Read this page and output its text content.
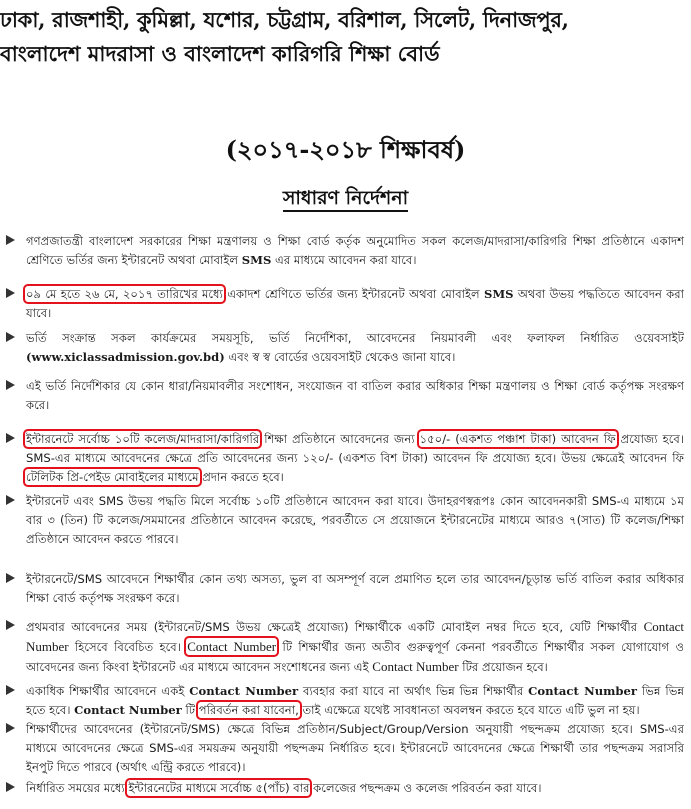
ঢাকা, রাজশাহী, কুমিল্লা, যশোর, চট্টগ্রাম, বরিশাল, সিলেট, দিনাজপুর,
বাংলাদেশ মাদরাসা ও বাংলাদেশ কারিগরি শিক্ষা বোর্ড
(২০১৭-২০১৮ শিক্ষাবর্ষ)
সাধারণ নির্দেশনা
গণপ্রজাতন্ত্রী বাংলাদেশ সরকারের শিক্ষা মন্ত্রণালয় ও শিক্ষা বোর্ড কর্তৃক অনুমোদিত সকল কলেজ/মাদরাসা/কারিগরি শিক্ষা প্রতিষ্ঠানে একাদশ শ্রেণিতে ভর্তির জন্য ইন্টারনেট অথবা মোবাইল SMS এর মাধ্যমে আবেদন করা যাবে।
০৯ মে হতে ২৬ মে, ২০১৭ তারিখের মধ্যে একাদশ শ্রেণিতে ভর্তির জন্য ইন্টারনেট অথবা মোবাইল SMS অথবা উভয় পদ্ধতিতে আবেদন করা যাবে।
ভর্তি সংক্রান্ত সকল কার্যক্রমের সময়সূচি, ভর্তি নির্দেশিকা, আবেদনের নিয়মাবলী এবং ফলাফল নির্ধারিত ওয়েবসাইট (www.xiclassadmission.gov.bd) এবং স্ব স্ব বোর্ডের ওয়েবসাইট থেকেও জানা যাবে।
এই ভর্তি নির্দেশিকার যে কোন ধারা/নিয়মাবলীর সংশোধন, সংযোজন বা বাতিল করার অধিকার শিক্ষা মন্ত্রণালয় ও শিক্ষা বোর্ড কর্তৃপক্ষ সংরক্ষণ করে।
ইন্টারনেটে সর্বোচ্চ ১০টি কলেজ/মাদরাসা/কারিগরি শিক্ষা প্রতিষ্ঠানে আবেদনের জন্য ১৫০/- (একশত পঞ্চাশ টাকা) আবেদন ফি প্রযোজ্য হবে। SMS-এর মাধ্যমে আবেদনের ক্ষেত্রে প্রতি আবেদনের জন্য ১২০/- (একশত বিশ টাকা) আবেদন ফি প্রযোজ্য হবে। উভয় ক্ষেত্রেই আবেদন ফি টেলিটক প্রি-পেইড মোবাইলের মাধ্যমে প্রদান করতে হবে।
ইন্টারনেট এবং SMS উভয় পদ্ধতি মিলে সর্বোচ্চ ১০টি প্রতিষ্ঠানে আবেদন করা যাবে। উদাহরণস্বরূপঃ কোন আবেদনকারী SMS-এ মাধ্যমে ১ম বার ৩ (তিন) টি কলেজ/সমমানের প্রতিষ্ঠানে আবেদন করেছে, পরবর্তীতে সে প্রয়োজনে ইন্টারনেটের মাধ্যমে আরও ৭(সাত) টি কলেজ/শিক্ষা প্রতিষ্ঠানে আবেদন করতে পারবে।
ইন্টারনেটে/SMS আবেদনে শিক্ষার্থীর কোন তথ্য অসত্য, ভুল বা অসম্পূর্ণ বলে প্রমাণিত হলে তার আবেদন/চূড়ান্ত ভর্তি বাতিল করার অধিকার শিক্ষা বোর্ড কর্তৃপক্ষ সংরক্ষণ করে।
প্রথমবার আবেদনের সময় (ইন্টারনেট/SMS উভয় ক্ষেত্রেই প্রযোজ্য) শিক্ষার্থীকে একটি মোবাইল নম্বর দিতে হবে, যেটি শিক্ষার্থীর Contact Number হিসেবে বিবেচিত হবে। Contact Number টি শিক্ষার্থীর জন্য অতীব গুরুত্বপূর্ণ কেননা পরবর্তীতে শিক্ষার্থীর সকল যোগাযোগ ও আবেদনের জন্য কিংবা ইন্টারনেট এর মাধ্যমে আবেদন সংশোধনের জন্য এই Contact Number টির প্রয়োজন হবে।
একাধিক শিক্ষার্থীর আবেদনে একই Contact Number ব্যবহার করা যাবে না অর্থাৎ ভিন্ন ভিন্ন শিক্ষার্থীর Contact Number ভিন্ন ভিন্ন হতে হবে। Contact Number টি পরিবর্তন করা যাবেনা, তাই এক্ষেত্রে যথেষ্ট সাবধানতা অবলম্বন করতে হবে যাতে এটি ভুল না হয়।
শিক্ষার্থীদের আবেদনের (ইন্টারনেট/SMS) ক্ষেত্রে বিভিন্ন প্রতিষ্ঠান/Subject/Group/Version অনুযায়ী পছন্দক্রম প্রযোজ্য হবে। SMS-এর মাধ্যমে আবেদনের ক্ষেত্রে SMS-এর সময়ক্রম অনুযায়ী পছন্দক্রম নির্ধারিত হবে। ইন্টারনেটে আবেদনের ক্ষেত্রে শিক্ষার্থী তার পছন্দক্রম সরাসরি ইনপুট দিতে পারবে (অর্থাৎ এন্ট্রি করতে পারবে)।
নির্ধারিত সময়ের মধ্যে ইন্টারনেটের মাধ্যমে সর্বোচ্চ ৫(পাঁচ) বার কলেজের পছন্দক্রম ও কলেজ পরিবর্তন করা যাবে।
